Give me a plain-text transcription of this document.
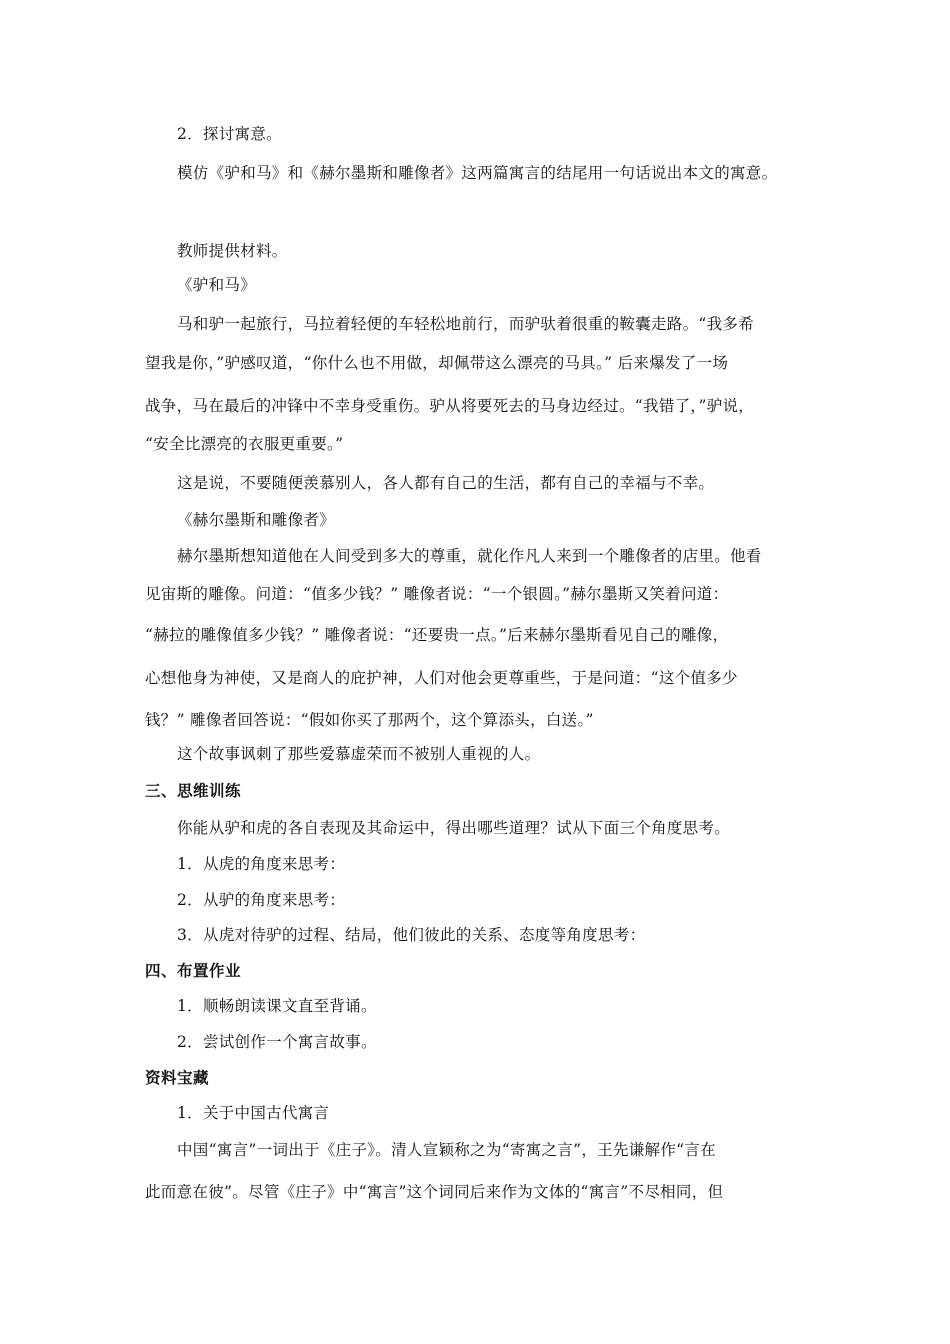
2．探讨寓意。
模仿《驴和马》和《赫尔墨斯和雕像者》这两篇寓言的结尾用一句话说出本文的寓意。
教师提供材料。
《驴和马》
马和驴一起旅行，马拉着轻便的车轻松地前行，而驴驮着很重的鞍囊走路。“我多希
望我是你，”驴感叹道，“你什么也不用做，却佩带这么漂亮的马具。” 后来爆发了一场
战争，马在最后的冲锋中不幸身受重伤。驴从将要死去的马身边经过。“我错了，”驴说，
“安全比漂亮的衣服更重要。”
这是说，不要随便羡慕别人，各人都有自己的生活，都有自己的幸福与不幸。
《赫尔墨斯和雕像者》
赫尔墨斯想知道他在人间受到多大的尊重，就化作凡人来到一个雕像者的店里。他看
见宙斯的雕像。问道：“值多少钱？” 雕像者说：“一个银圆。”赫尔墨斯又笑着问道：
“赫拉的雕像值多少钱？” 雕像者说：“还要贵一点。”后来赫尔墨斯看见自己的雕像，
心想他身为神使，又是商人的庇护神，人们对他会更尊重些，于是问道：“这个值多少
钱？” 雕像者回答说：“假如你买了那两个，这个算添头，白送。”
这个故事讽刺了那些爱慕虚荣而不被别人重视的人。
三、思维训练
你能从驴和虎的各自表现及其命运中，得出哪些道理？试从下面三个角度思考。
1．从虎的角度来思考：
2．从驴的角度来思考：
3．从虎对待驴的过程、结局，他们彼此的关系、态度等角度思考：
四、布置作业
1．顺畅朗读课文直至背诵。
2．尝试创作一个寓言故事。
资料宝藏
1．关于中国古代寓言
中国“寓言”一词出于《庄子》。清人宣颖称之为“寄寓之言”，王先谦解作“言在
此而意在彼”。尽管《庄子》中“寓言”这个词同后来作为文体的“寓言”不尽相同，但
